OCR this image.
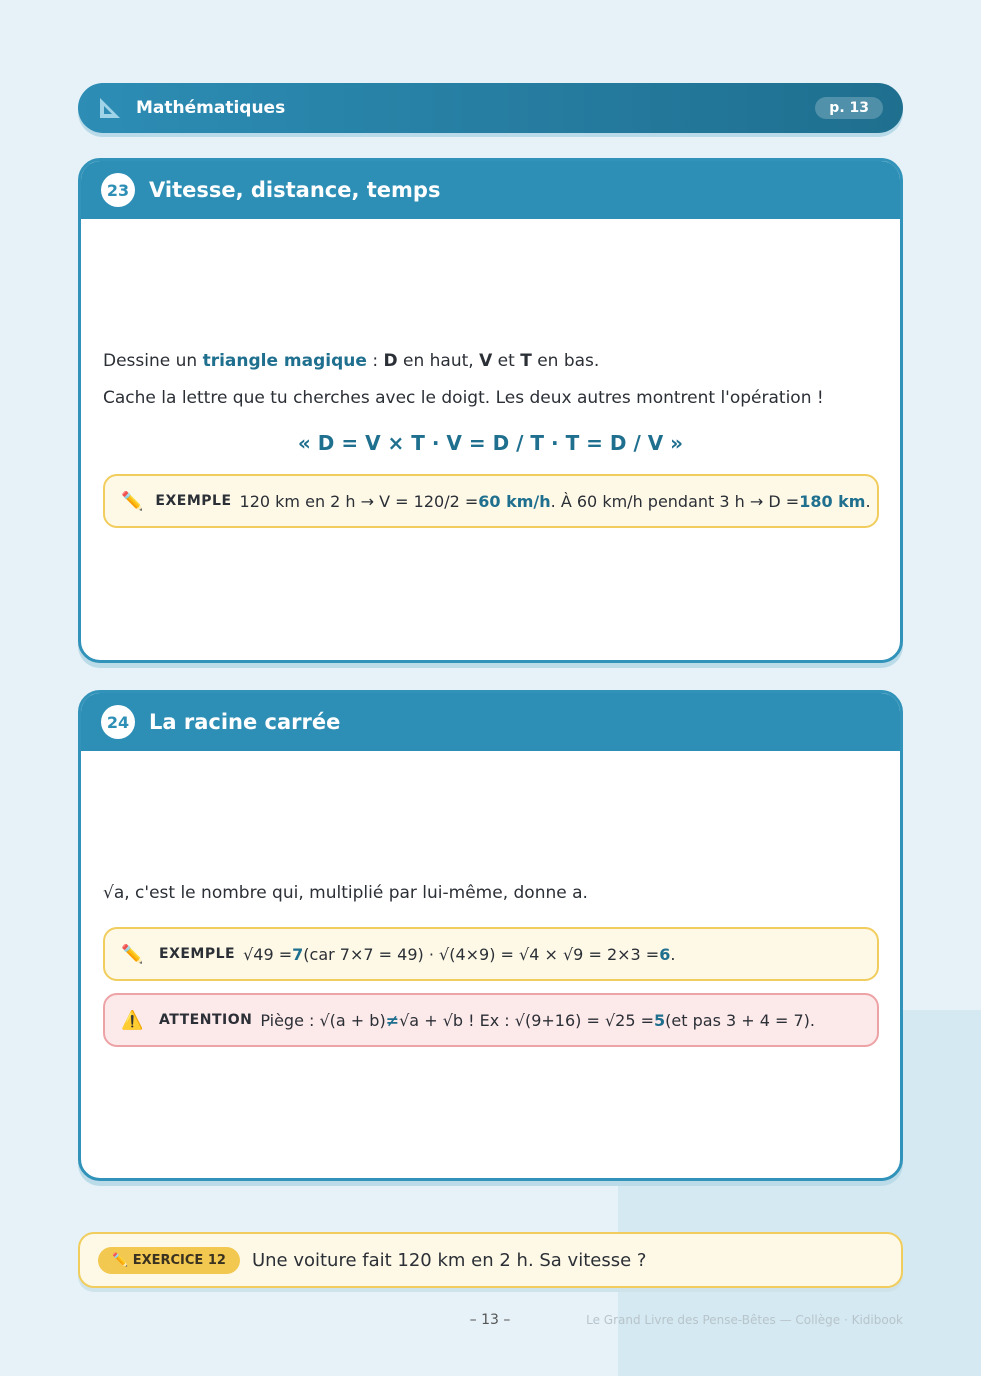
Mathématiques	p. 13
23 Vitesse, distance, temps
Dessine un triangle magique : D en haut, V et T en bas.
Cache la lettre que tu cherches avec le doigt. Les deux autres montrent l'opération !
« D = V × T · V = D / T · T = D / V »
✏️ EXEMPLE 120 km en 2 h → V = 120/2 = 60 km/h . À 60 km/h pendant 3 h → D = 180 km .
24 La racine carrée
√a, c'est le nombre qui, multiplié par lui-même, donne a.
✏️ EXEMPLE √49 = 7 (car 7×7 = 49) · √(4×9) = √4 × √9 = 2×3 = 6 .
⚠️ ATTENTION Piège : √(a + b) ≠ √a + √b ! Ex : √(9+16) = √25 = 5 (et pas 3 + 4 = 7).
✏️ EXERCICE 12	Une voiture fait 120 km en 2 h. Sa vitesse ?
– 13 –	Le Grand Livre des Pense-Bêtes — Collège · Kidibook
